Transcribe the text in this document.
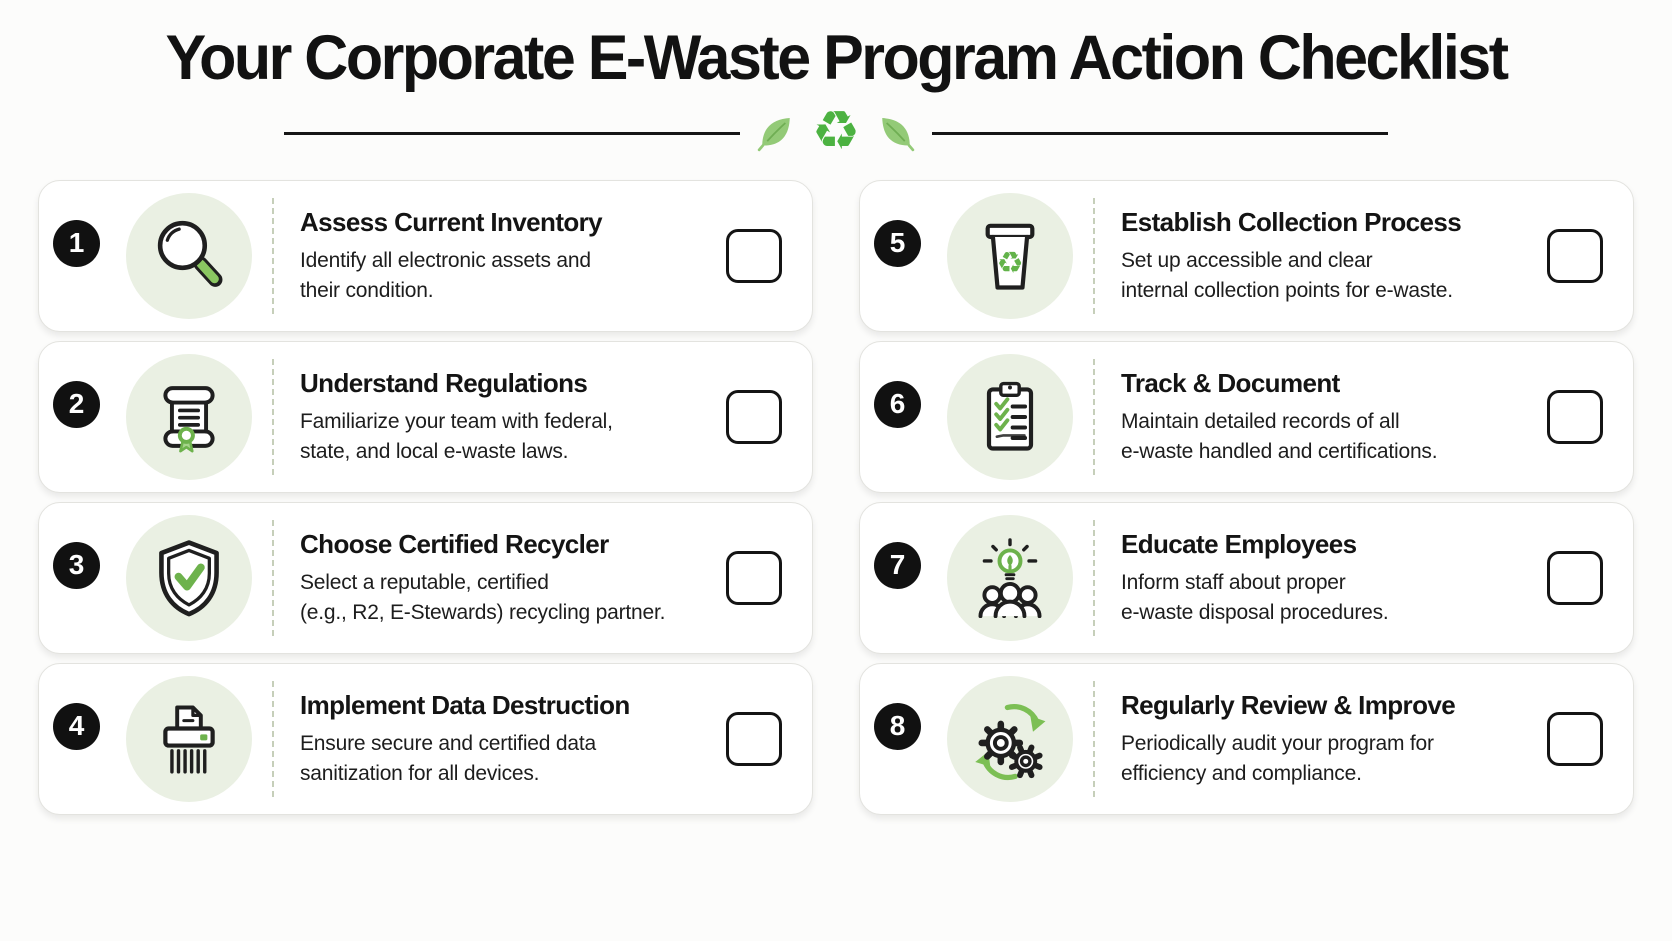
Your Corporate E-Waste Program Action Checklist
♻
1
Assess Current Inventory

Identify all electronic assets and
their condition.

2
Understand Regulations

Familiarize your team with federal,
state, and local e-waste laws.

3
Choose Certified Recycler

Select a reputable, certified
(e.g., R2, E-Stewards) recycling partner.

4
Implement Data Destruction

Ensure secure and certified data
sanitization for all devices.

5
♻
Establish Collection Process

Set up accessible and clear
internal collection points for e-waste.

6
Track & Document

Maintain detailed records of all
e-waste handled and certifications.

7
Educate Employees

Inform staff about proper
e-waste disposal procedures.

8
Regularly Review & Improve

Periodically audit your program for
efficiency and compliance.
